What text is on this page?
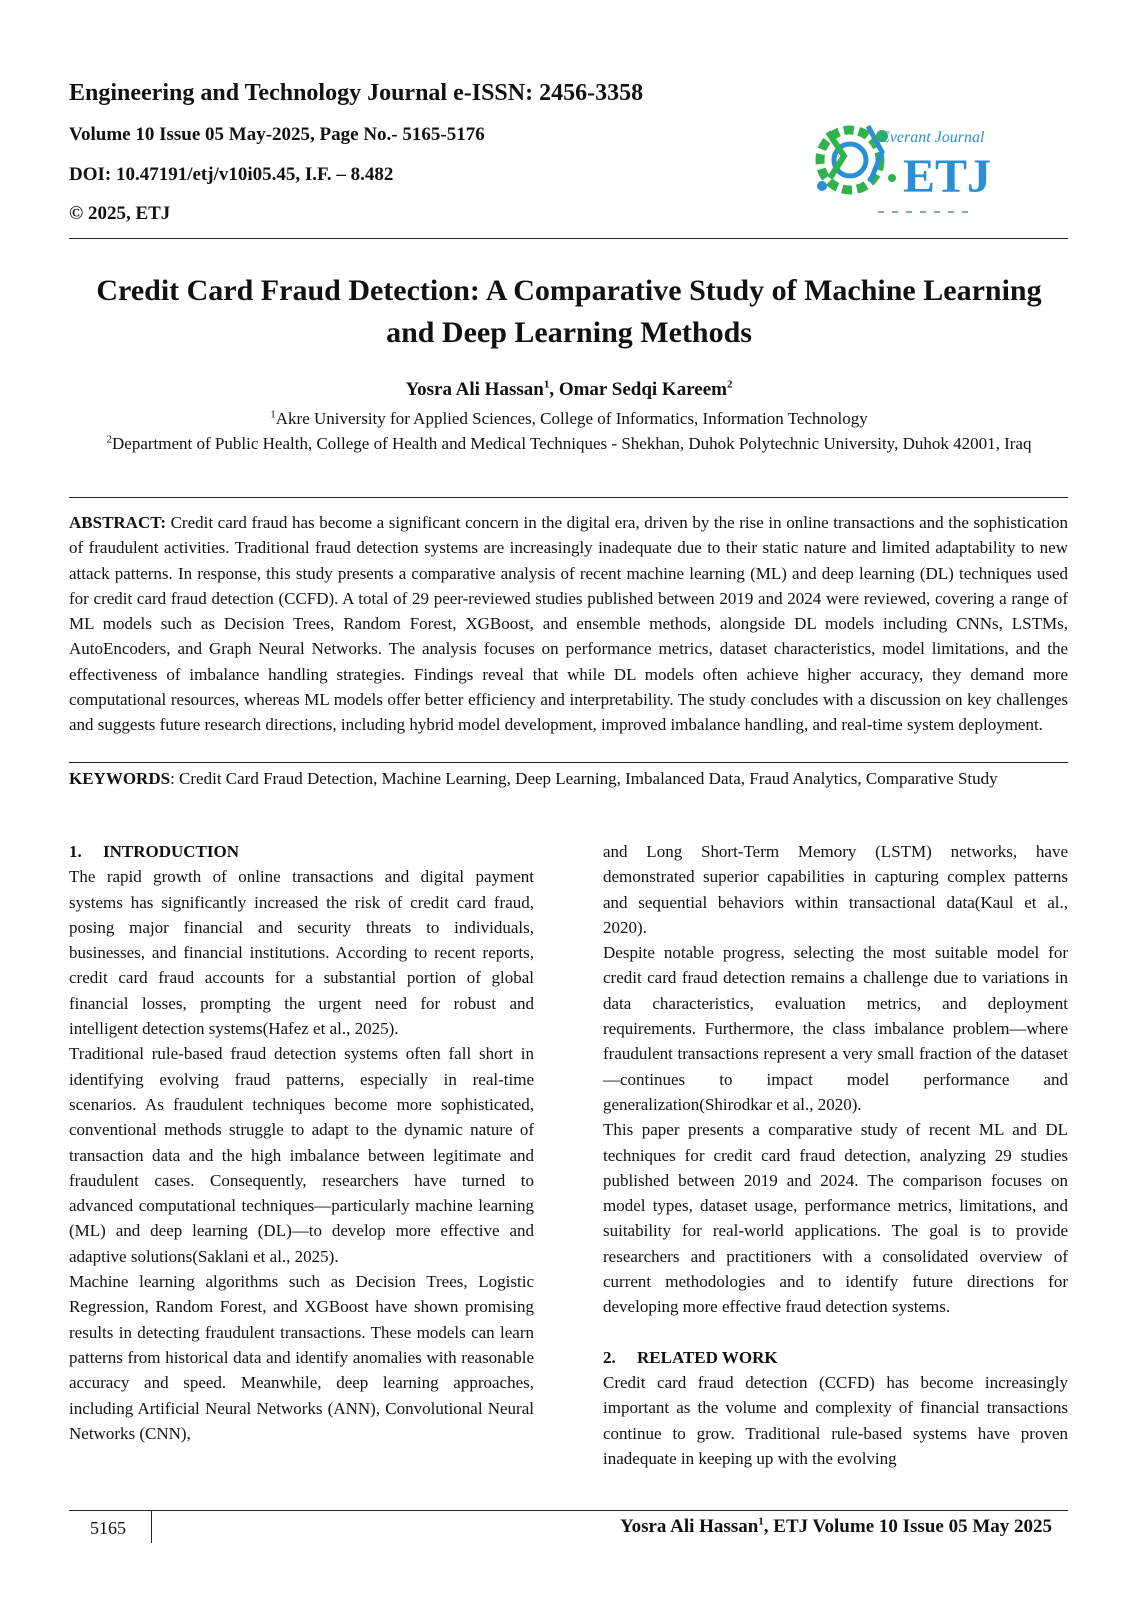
Engineering and Technology Journal e-ISSN: 2456-3358
Volume 10 Issue 05 May-2025, Page No.- 5165-5176
DOI: 10.47191/etj/v10i05.45, I.F. – 8.482
© 2025, ETJ
Everant Journal
ETJ
Credit Card Fraud Detection: A Comparative Study of Machine Learning
and Deep Learning Methods
Yosra Ali Hassan$^1$, Omar Sedqi Kareem$^2$
$^1$Akre University for Applied Sciences, College of Informatics, Information Technology
$^2$Department of Public Health, College of Health and Medical Techniques - Shekhan, Duhok Polytechnic University, Duhok 42001, Iraq
ABSTRACT: Credit card fraud has become a significant concern in the digital era, driven by the rise in online transactions and the sophistication of fraudulent activities. Traditional fraud detection systems are increasingly inadequate due to their static nature and limited adaptability to new attack patterns. In response, this study presents a comparative analysis of recent machine learning (ML) and deep learning (DL) techniques used for credit card fraud detection (CCFD). A total of 29 peer-reviewed studies published between 2019 and 2024 were reviewed, covering a range of ML models such as Decision Trees, Random Forest, XGBoost, and ensemble methods, alongside DL models including CNNs, LSTMs, AutoEncoders, and Graph Neural Networks. The analysis focuses on performance metrics, dataset characteristics, model limitations, and the effectiveness of imbalance handling strategies. Findings reveal that while DL models often achieve higher accuracy, they demand more computational resources, whereas ML models offer better efficiency and interpretability. The study concludes with a discussion on key challenges and suggests future research directions, including hybrid model development, improved imbalance handling, and real-time system deployment.
KEYWORDS: Credit Card Fraud Detection, Machine Learning, Deep Learning, Imbalanced Data, Fraud Analytics, Comparative Study
1. INTRODUCTION

The rapid growth of online transactions and digital payment systems has significantly increased the risk of credit card fraud, posing major financial and security threats to individuals, businesses, and financial institutions. According to recent reports, credit card fraud accounts for a substantial portion of global financial losses, prompting the urgent need for robust and intelligent detection systems(Hafez et al., 2025).

Traditional rule-based fraud detection systems often fall short in identifying evolving fraud patterns, especially in real-time scenarios. As fraudulent techniques become more sophisticated, conventional methods struggle to adapt to the dynamic nature of transaction data and the high imbalance between legitimate and fraudulent cases. Consequently, researchers have turned to advanced computational techniques—particularly machine learning (ML) and deep learning (DL)—to develop more effective and adaptive solutions(Saklani et al., 2025).

Machine learning algorithms such as Decision Trees, Logistic Regression, Random Forest, and XGBoost have shown promising results in detecting fraudulent transactions. These models can learn patterns from historical data and identify anomalies with reasonable accuracy and speed. Meanwhile, deep learning approaches, including Artificial Neural Networks (ANN), Convolutional Neural Networks (CNN),

and Long Short-Term Memory (LSTM) networks, have demonstrated superior capabilities in capturing complex patterns and sequential behaviors within transactional data(Kaul et al., 2020).

Despite notable progress, selecting the most suitable model for credit card fraud detection remains a challenge due to variations in data characteristics, evaluation metrics, and deployment requirements. Furthermore, the class imbalance problem—where fraudulent transactions represent a very small fraction of the dataset—continues to impact model performance and generalization(Shirodkar et al., 2020).

This paper presents a comparative study of recent ML and DL techniques for credit card fraud detection, analyzing 29 studies published between 2019 and 2024. The comparison focuses on model types, dataset usage, performance metrics, limitations, and suitability for real-world applications. The goal is to provide researchers and practitioners with a consolidated overview of current methodologies and to identify future directions for developing more effective fraud detection systems.

2. RELATED WORK

Credit card fraud detection (CCFD) has become increasingly important as the volume and complexity of financial transactions continue to grow. Traditional rule-based systems have proven inadequate in keeping up with the evolving

5165	Yosra Ali Hassan$^1$, ETJ Volume 10 Issue 05 May 2025
